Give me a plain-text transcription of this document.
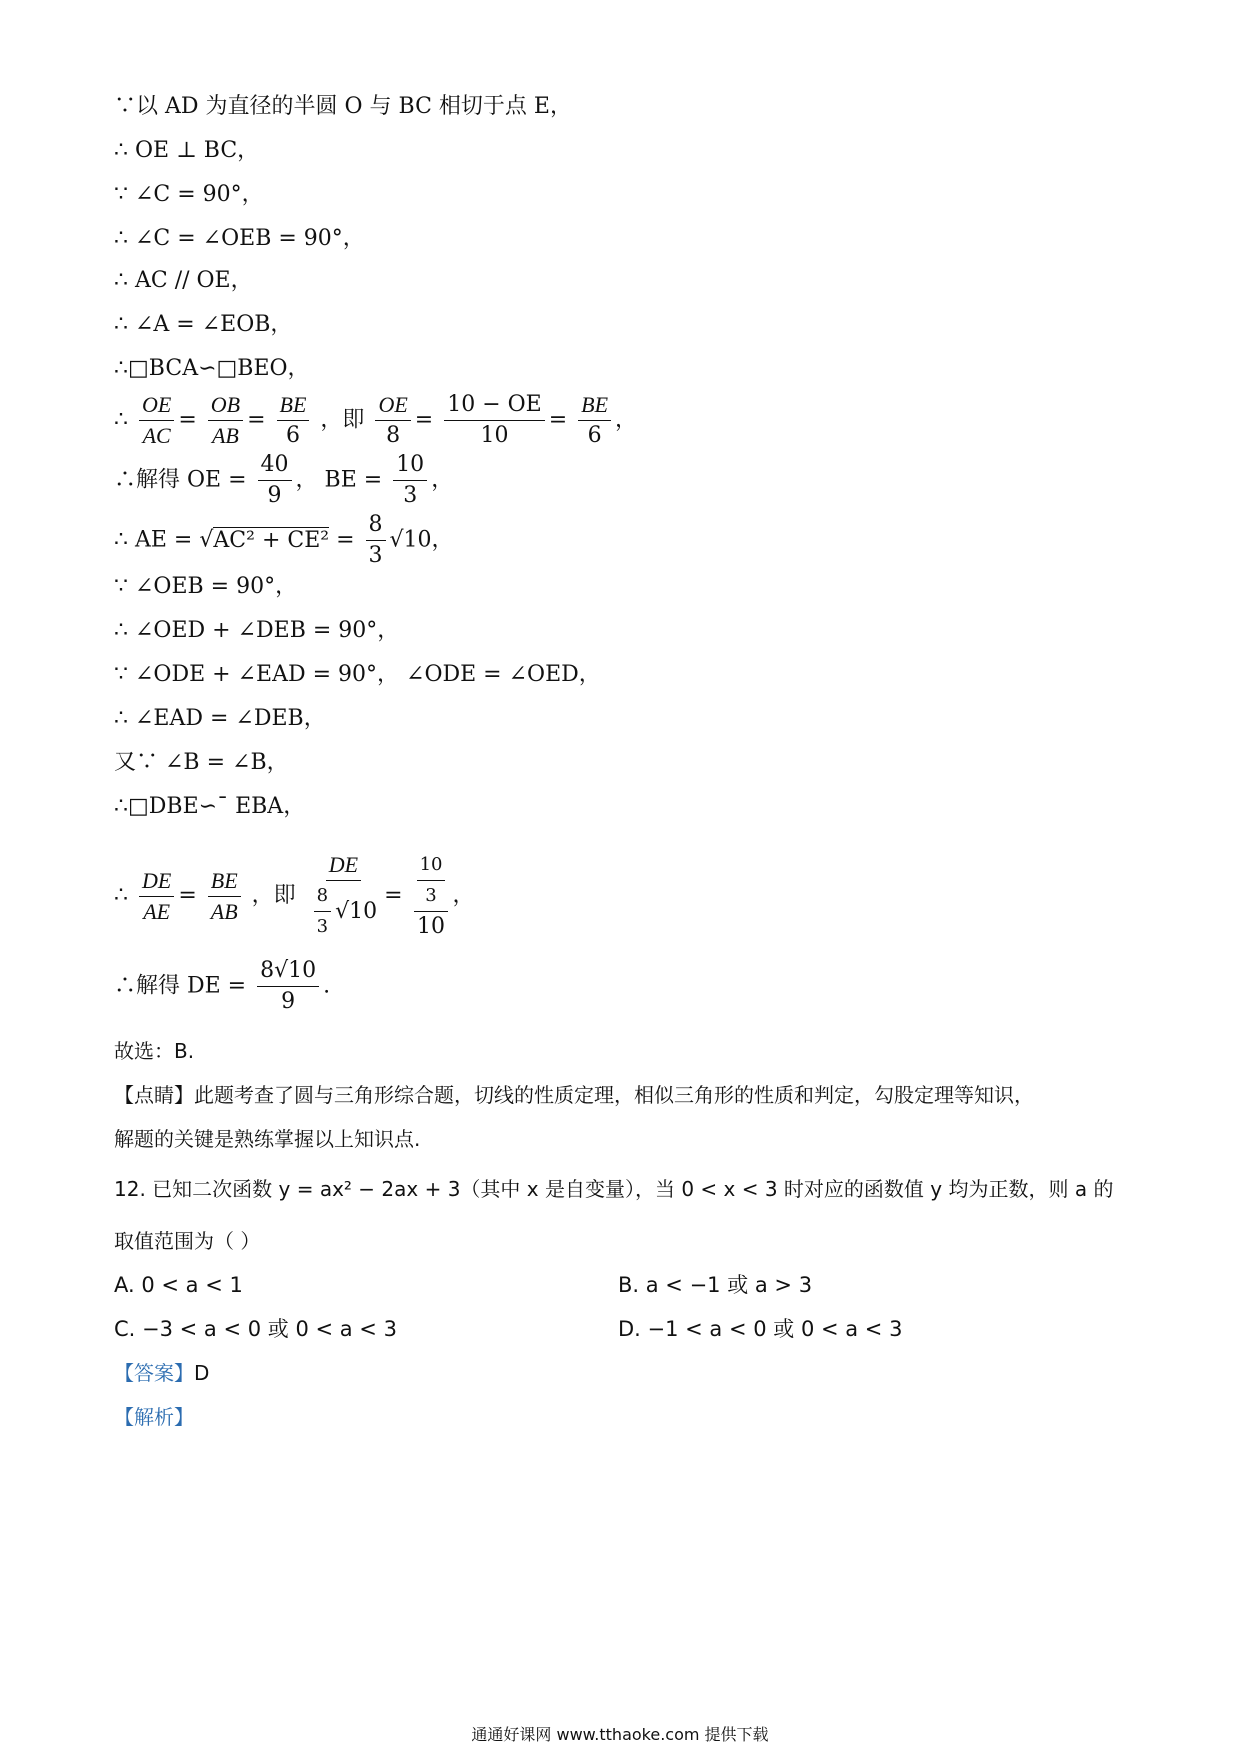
∵以 AD 为直径的半圆 O 与 BC 相切于点 E，
∴ OE ⊥ BC，
∵ ∠C = 90°，
∴ ∠C = ∠OEB = 90°，
∴ AC // OE，
∴ ∠A = ∠EOB，
∴□BCA∽□BEO，
∴ $\frac{OE}{AC} = \frac{OB}{AB} = \frac{BE}{6}$ ，即 $\frac{OE}{8} = \frac{10 - OE}{10} = \frac{BE}{6}$ ，
∴解得 OE = $\frac{40}{9}$ ， BE = $\frac{10}{3}$ ，
∴ AE = $√AC^2 + CE^2 = \frac{8}{3} √10$，
∵ ∠OEB = 90°，
∴ ∠OED + ∠DEB = 90°，
∵ ∠ODE + ∠EAD = 90°， ∠ODE = ∠OED，
∴ ∠EAD = ∠DEB，
又∵ ∠B = ∠B，
∴□DBE∽¯ EBA，
∴ $\frac{DE}{AE} = \frac{BE}{AB}$ ，即 $\frac{DE}{\frac{8}{3} √10} = \frac{\frac{10}{3}}{10}$ ，
∴解得 DE = $\frac{8√10}{9}$ .
故选：B.
【点睛】此题考查了圆与三角形综合题，切线的性质定理，相似三角形的性质和判定，勾股定理等知识，
解题的关键是熟练掌握以上知识点.
12. 已知二次函数 y = ax² − 2ax + 3（其中 x 是自变量），当 0 < x < 3 时对应的函数值 y 均为正数，则 a 的
取值范围为（ ）
A. 0 < a < 1	B. a < −1 或 a > 3
C. −3 < a < 0 或 0 < a < 3	D. −1 < a < 0 或 0 < a < 3
【答案】D
【解析】
通通好课网 www.tthaoke.com 提供下载
